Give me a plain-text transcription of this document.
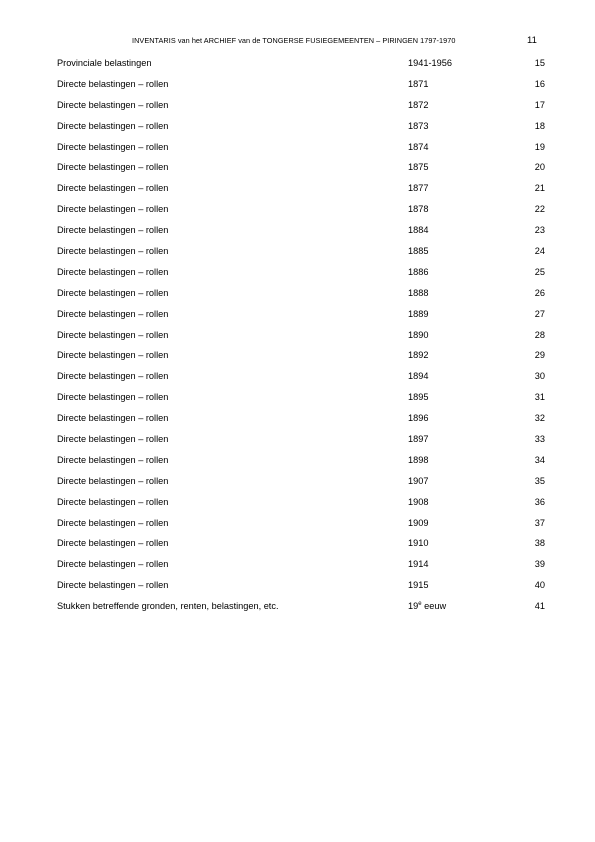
INVENTARIS van het ARCHIEF van de TONGERSE FUSIEGEMEENTEN – PIRINGEN 1797-1970	11
Provinciale belastingen	1941-1956	15
Directe belastingen – rollen	1871	16
Directe belastingen – rollen	1872	17
Directe belastingen – rollen	1873	18
Directe belastingen – rollen	1874	19
Directe belastingen – rollen	1875	20
Directe belastingen – rollen	1877	21
Directe belastingen – rollen	1878	22
Directe belastingen – rollen	1884	23
Directe belastingen – rollen	1885	24
Directe belastingen – rollen	1886	25
Directe belastingen – rollen	1888	26
Directe belastingen – rollen	1889	27
Directe belastingen – rollen	1890	28
Directe belastingen – rollen	1892	29
Directe belastingen – rollen	1894	30
Directe belastingen – rollen	1895	31
Directe belastingen – rollen	1896	32
Directe belastingen – rollen	1897	33
Directe belastingen – rollen	1898	34
Directe belastingen – rollen	1907	35
Directe belastingen – rollen	1908	36
Directe belastingen – rollen	1909	37
Directe belastingen – rollen	1910	38
Directe belastingen – rollen	1914	39
Directe belastingen – rollen	1915	40
Stukken betreffende gronden, renten, belastingen, etc.	19e eeuw	41
